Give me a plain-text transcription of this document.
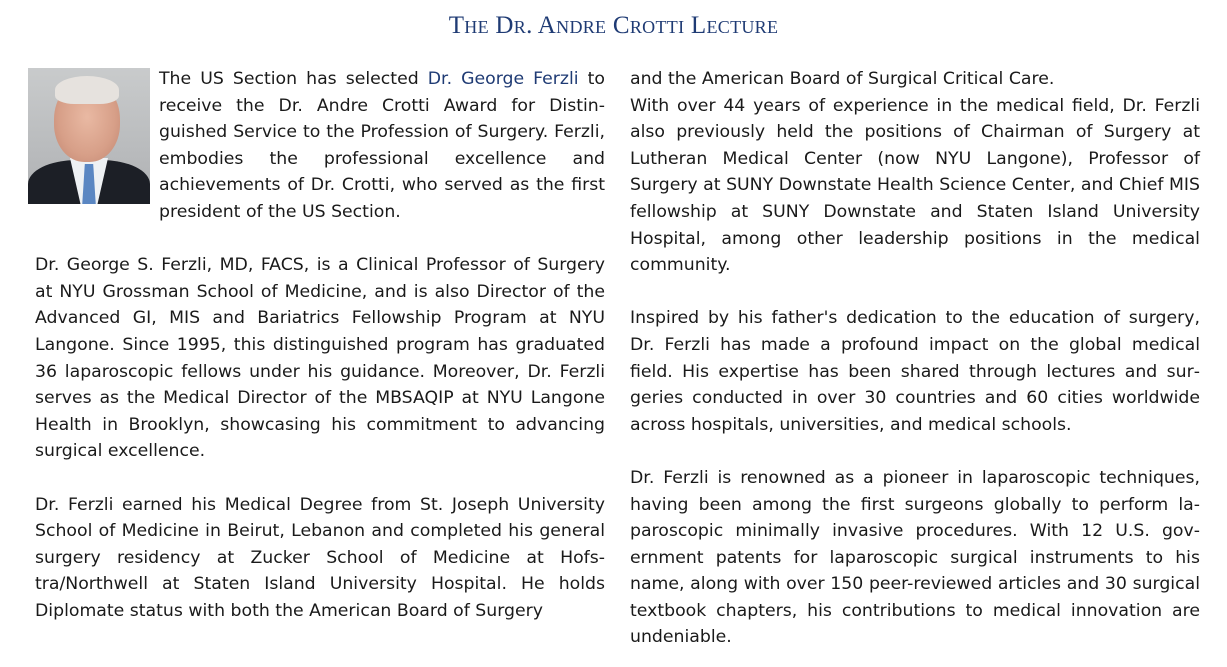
The Dr. Andre Crotti Lecture

The US Section has selected Dr. George Ferzli to receive the Dr. Andre Crotti Award for Distinguished Service to the Profession of Surgery. Ferzli, embodies the professional excellence and achievements of Dr. Crotti, who served as the first president of the US Section.

Dr. George S. Ferzli, MD, FACS, is a Clinical Professor of Surgery at NYU Grossman School of Medicine, and is also Director of the Advanced GI, MIS and Bariatrics Fellowship Program at NYU Langone. Since 1995, this distinguished program has graduated 36 laparoscopic fellows under his guidance. Moreover, Dr. Ferzli serves as the Medical Director of the MBSAQIP at NYU Langone Health in Brooklyn, showcasing his commitment to advancing surgical excellence.

Dr. Ferzli earned his Medical Degree from St. Joseph University School of Medicine in Beirut, Lebanon and completed his general surgery residency at Zucker School of Medicine at Hofstra/Northwell at Staten Island University Hospital. He holds Diplomate status with both the American Board of Surgery

and the American Board of Surgical Critical Care.

With over 44 years of experience in the medical field, Dr. Ferzli also previously held the positions of Chairman of Surgery at Lutheran Medical Center (now NYU Langone), Professor of Surgery at SUNY Downstate Health Science Center, and Chief MIS fellowship at SUNY Downstate and Staten Island University Hospital, among other leadership positions in the medical community.

Inspired by his father's dedication to the education of surgery, Dr. Ferzli has made a profound impact on the global medical field. His expertise has been shared through lectures and surgeries conducted in over 30 countries and 60 cities worldwide across hospitals, universities, and medical schools.

Dr. Ferzli is renowned as a pioneer in laparoscopic techniques, having been among the first surgeons globally to perform laparoscopic minimally invasive procedures. With 12 U.S. government patents for laparoscopic surgical instruments to his name, along with over 150 peer-reviewed articles and 30 surgical textbook chapters, his contributions to medical innovation are undeniable.
